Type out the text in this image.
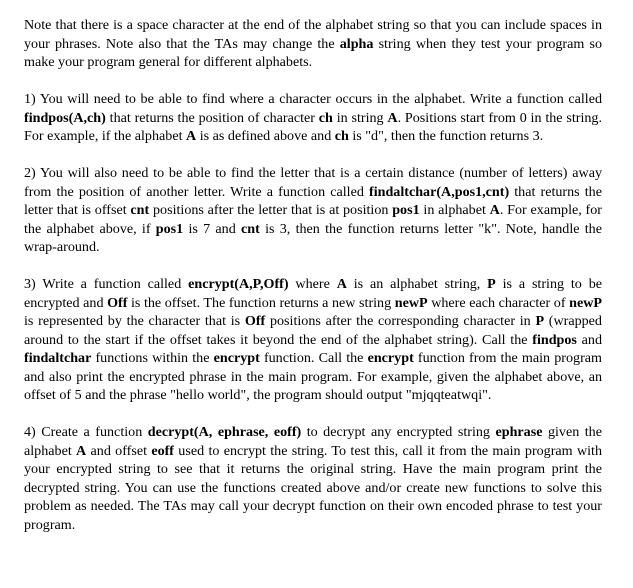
Note that there is a space character at the end of the alphabet string so that you can include spaces in your phrases. Note also that the TAs may change the alpha string when they test your program so make your program general for different alphabets.

1) You will need to be able to find where a character occurs in the alphabet. Write a function called findpos(A,ch) that returns the position of character ch in string A. Positions start from 0 in the string. For example, if the alphabet A is as defined above and ch is "d", then the function returns 3.

2) You will also need to be able to find the letter that is a certain distance (number of letters) away from the position of another letter. Write a function called findaltchar(A,pos1,cnt) that returns the letter that is offset cnt positions after the letter that is at position pos1 in alphabet A. For example, for the alphabet above, if pos1 is 7 and cnt is 3, then the function returns letter "k". Note, handle the wrap-around.

3) Write a function called encrypt(A,P,Off) where A is an alphabet string, P is a string to be encrypted and Off is the offset. The function returns a new string newP where each character of newP is represented by the character that is Off positions after the corresponding character in P (wrapped around to the start if the offset takes it beyond the end of the alphabet string). Call the findpos and findaltchar functions within the encrypt function. Call the encrypt function from the main program and also print the encrypted phrase in the main program. For example, given the alphabet above, an offset of 5 and the phrase "hello world", the program should output "mjqqteatwqi".

4) Create a function decrypt(A, ephrase, eoff) to decrypt any encrypted string ephrase given the alphabet A and offset eoff used to encrypt the string. To test this, call it from the main program with your encrypted string to see that it returns the original string. Have the main program print the decrypted string. You can use the functions created above and/or create new functions to solve this problem as needed. The TAs may call your decrypt function on their own encoded phrase to test your program.
